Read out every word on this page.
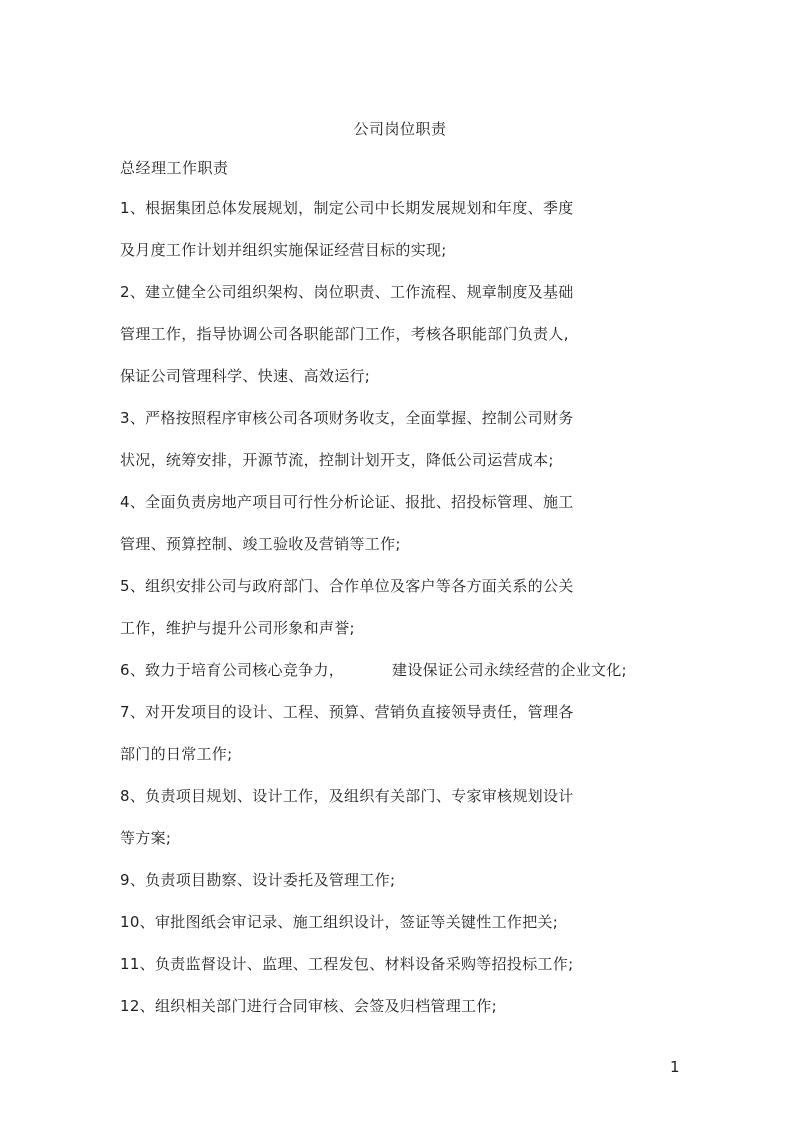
公司岗位职责
总经理工作职责
1、根据集团总体发展规划，制定公司中长期发展规划和年度、季度
及月度工作计划并组织实施保证经营目标的实现;
2、建立健全公司组织架构、岗位职责、工作流程、规章制度及基础
管理工作，指导协调公司各职能部门工作，考核各职能部门负责人,
保证公司管理科学、快速、高效运行;
3、严格按照程序审核公司各项财务收支，全面掌握、控制公司财务
状况，统筹安排，开源节流，控制计划开支，降低公司运营成本;
4、全面负责房地产项目可行性分析论证、报批、招投标管理、施工
管理、预算控制、竣工验收及营销等工作;
5、组织安排公司与政府部门、合作单位及客户等各方面关系的公关
工作，维护与提升公司形象和声誉;
6、致力于培育公司核心竞争力，	建设保证公司永续经营的企业文化;
7、对开发项目的设计、工程、预算、营销负直接领导责任，管理各
部门的日常工作;
8、负责项目规划、设计工作，及组织有关部门、专家审核规划设计
等方案;
9、负责项目勘察、设计委托及管理工作;
10、审批图纸会审记录、施工组织设计，签证等关键性工作把关;
11、负责监督设计、监理、工程发包、材料设备采购等招投标工作;
12、组织相关部门进行合同审核、会签及归档管理工作;
1
